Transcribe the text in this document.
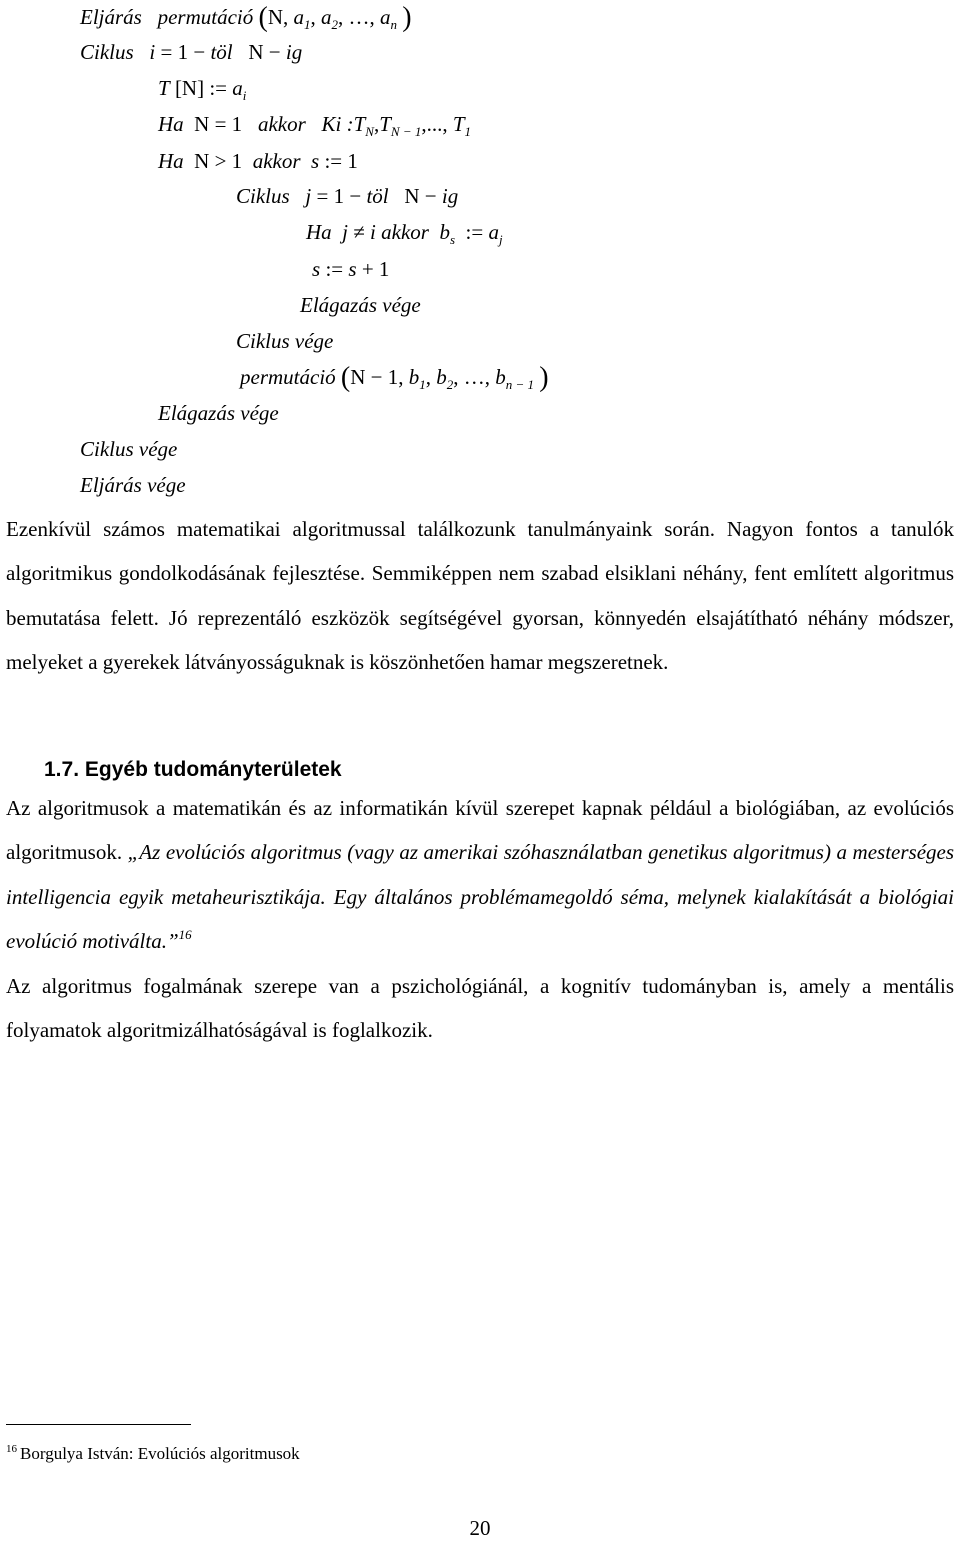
Eljárás permutáció (N, $a_1$, $a_2$, …, $a_n$ )
Ciklus i = 1 − töl   N − ig
T [N] := $a_i$
Ha  N = 1   akkor Ki $:T_N,T_{N - 1}$,..., $T_1$
Ha  N > 1  akkor s := 1
Ciklus j = 1 − töl   N − ig
Ha j ≠ i akkor $b_s$  := $a_j$
s := s + 1
Elágazás vége
Ciklus vége
permutáció (N − 1, $b_1$, $b_2$, …, $b_{n - 1}$ )
Elágazás vége
Ciklus vége
Eljárás vége

Ezenkívül számos matematikai algoritmussal találkozunk tanulmányaink során. Nagyon fontos a tanulók algoritmikus gondolkodásának fejlesztése. Semmiképpen nem szabad elsiklani néhány, fent említett algoritmus bemutatása felett. Jó reprezentáló eszközök segítségével gyorsan, könnyedén elsajátítható néhány módszer, melyeket a gyerekek látványosságuknak is köszönhetően hamar megszeretnek.

1.7. Egyéb tudományterületek

Az algoritmusok a matematikán és az informatikán kívül szerepet kapnak például a biológiában, az evolúciós algoritmusok. „Az evolúciós algoritmus (vagy az amerikai szóhasználatban genetikus algoritmus) a mesterséges intelligencia egyik metaheurisztikája. Egy általános problémamegoldó séma, melynek kialakítását a biológiai evolúció motiválta.”$^{16}$

Az algoritmus fogalmának szerepe van a pszichológiánál, a kognitív tudományban is, amely a mentális folyamatok algoritmizálhatóságával is foglalkozik.

$^{16}$ Borgulya István: Evolúciós algoritmusok
20
